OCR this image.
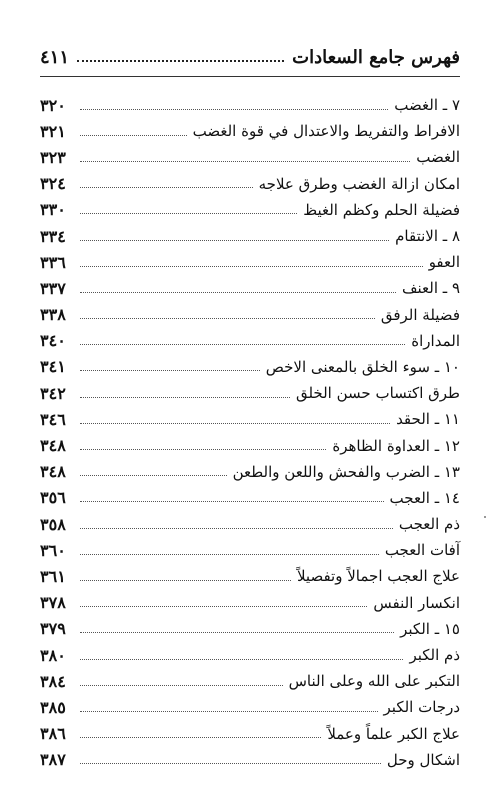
فهرس جامع السعادات
٤١١
٧ ـ الغضب
٣٢٠
الافراط والتفريط والاعتدال في قوة الغضب
٣٢١
الغضب
٣٢٣
امكان ازالة الغضب وطرق علاجه
٣٢٤
فضيلة الحلم وكظم الغيظ
٣٣٠
٨ ـ الانتقام
٣٣٤
العفو
٣٣٦
٩ ـ العنف
٣٣٧
فضيلة الرفق
٣٣٨
المداراة
٣٤٠
١٠ ـ سوء الخلق بالمعنى الاخص
٣٤١
طرق اكتساب حسن الخلق
٣٤٢
١١ ـ الحقد
٣٤٦
١٢ ـ العداوة الظاهرة
٣٤٨
١٣ ـ الضرب والفحش واللعن والطعن
٣٤٨
١٤ ـ العجب
٣٥٦
ذم العجب
٣٥٨
آفات العجب
٣٦٠
علاج العجب اجمالاً وتفصيلاً
٣٦١
انكسار النفس
٣٧٨
١٥ ـ الكبر
٣٧٩
ذم الكبر
٣٨٠
التكبر على الله وعلى الناس
٣٨٤
درجات الكبر
٣٨٥
علاج الكبر علماً وعملاً
٣٨٦
اشكال وحل
٣٨٧
